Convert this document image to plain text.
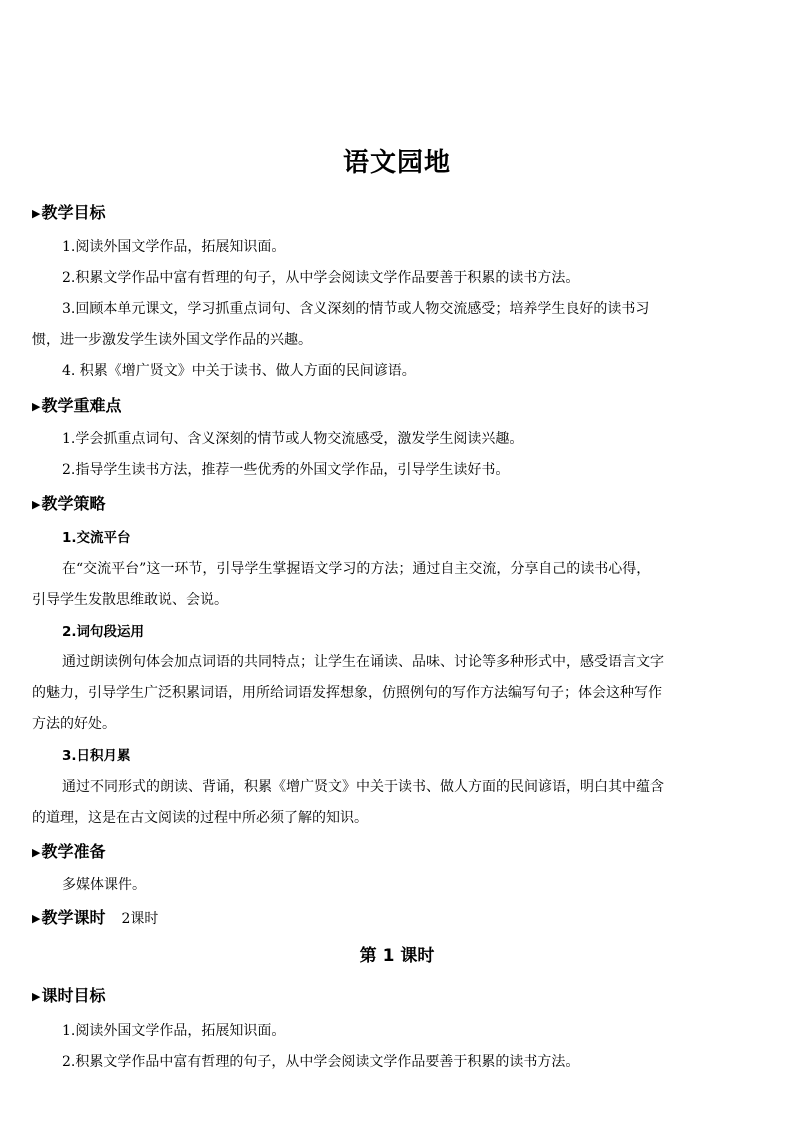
语文园地
▶教学目标
1.阅读外国文学作品，拓展知识面。
2.积累文学作品中富有哲理的句子，从中学会阅读文学作品要善于积累的读书方法。
3.回顾本单元课文，学习抓重点词句、含义深刻的情节或人物交流感受；培养学生良好的读书习
惯，进一步激发学生读外国文学作品的兴趣。
4. 积累《增广贤文》中关于读书、做人方面的民间谚语。
▶教学重难点
1.学会抓重点词句、含义深刻的情节或人物交流感受，激发学生阅读兴趣。
2.指导学生读书方法，推荐一些优秀的外国文学作品，引导学生读好书。
▶教学策略
1.交流平台
在“交流平台”这一环节，引导学生掌握语文学习的方法；通过自主交流，分享自己的读书心得，
引导学生发散思维敢说、会说。
2.词句段运用
通过朗读例句体会加点词语的共同特点；让学生在诵读、品味、讨论等多种形式中，感受语言文字
的魅力，引导学生广泛积累词语，用所给词语发挥想象，仿照例句的写作方法编写句子；体会这种写作
方法的好处。
3.日积月累
通过不同形式的朗读、背诵，积累《增广贤文》中关于读书、做人方面的民间谚语，明白其中蕴含
的道理，这是在古文阅读的过程中所必须了解的知识。
▶教学准备
多媒体课件。
▶教学课时 2课时
第 1 课时
▶课时目标
1.阅读外国文学作品，拓展知识面。
2.积累文学作品中富有哲理的句子，从中学会阅读文学作品要善于积累的读书方法。
